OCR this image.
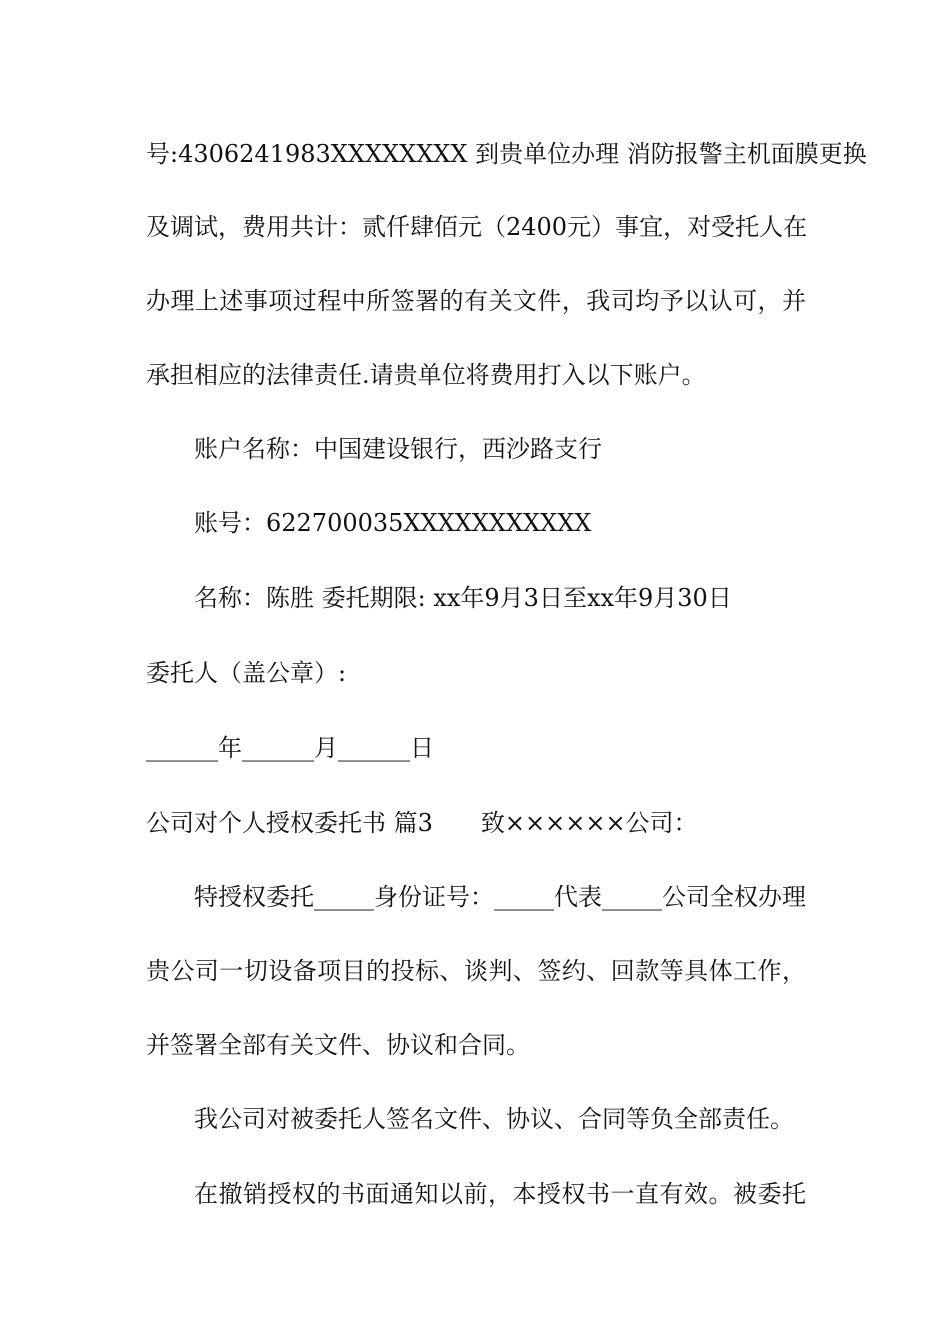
号:4306241983XXXXXXXX 到贵单位办理 消防报警主机面膜更换
及调试，费用共计：贰仟肆佰元（2400元）事宜，对受托人在
办理上述事项过程中所签署的有关文件，我司均予以认可，并
承担相应的法律责任.请贵单位将费用打入以下账户。
账户名称：中国建设银行，西沙路支行
账号：622700035XXXXXXXXXXX
名称：陈胜 委托期限: xx年9月3日至xx年9月30日
委托人（盖公章）:
______年______月______日
公司对个人授权委托书 篇3　　致××××××公司：
特授权委托_____身份证号：_____代表_____公司全权办理
贵公司一切设备项目的投标、谈判、签约、回款等具体工作，
并签署全部有关文件、协议和合同。
我公司对被委托人签名文件、协议、合同等负全部责任。
在撤销授权的书面通知以前，本授权书一直有效。被委托
